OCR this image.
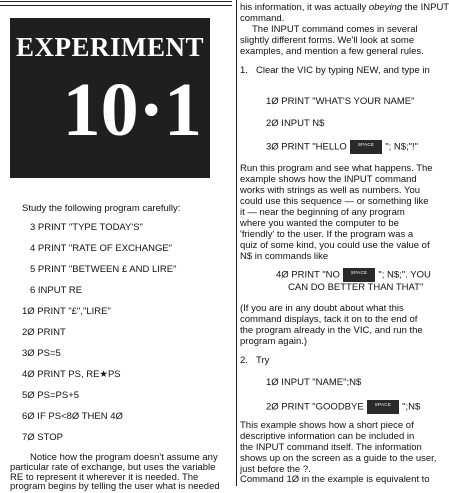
EXPERIMENT
10·1
Study the following program carefully:
3 PRINT "TYPE TODAY'S"
4 PRINT "RATE OF EXCHANGE"
5 PRINT "BETWEEN £ AND LIRE"
6 INPUT RE
1Ø PRINT "£","LIRE"
2Ø PRINT
3Ø PS=5
4Ø PRINT PS, RE★PS
5Ø PS=PS+5
6Ø IF PS<8Ø THEN 4Ø
7Ø STOP
Notice how the program doesn't assume any
particular rate of exchange, but uses the variable
RE to represent it wherever it is needed. The
program begins by telling the user what is needed
his information, it was actually obeying the INPUT
command.
The INPUT command comes in several
slightly different forms. We'll look at some
examples, and mention a few general rules.
1. Clear the VIC by typing NEW, and type in
1Ø PRINT "WHAT'S YOUR NAME"
2Ø INPUT N$
3Ø PRINT "HELLO SPACE "; N$;"!"
Run this program and see what happens. The
example shows how the INPUT command
works with strings as well as numbers. You
could use this sequence — or something like
it — near the beginning of any program
where you wanted the computer to be
'friendly' to the user. If the program was a
quiz of some kind, you could use the value of
N$ in commands like
4Ø PRINT "NO SPACE "; N$;". YOU
CAN DO BETTER THAN THAT"
(If you are in any doubt about what this
command displays, tack it on to the end of
the program already in the VIC, and run the
program again.)
2. Try
1Ø INPUT "NAME";N$
2Ø PRINT "GOODBYE SPACE ";N$
This example shows how a short piece of
descriptive information can be included in
the INPUT command itself. The information
shows up on the screen as a guide to the user,
just before the ?.
Command 1Ø in the example is equivalent to
